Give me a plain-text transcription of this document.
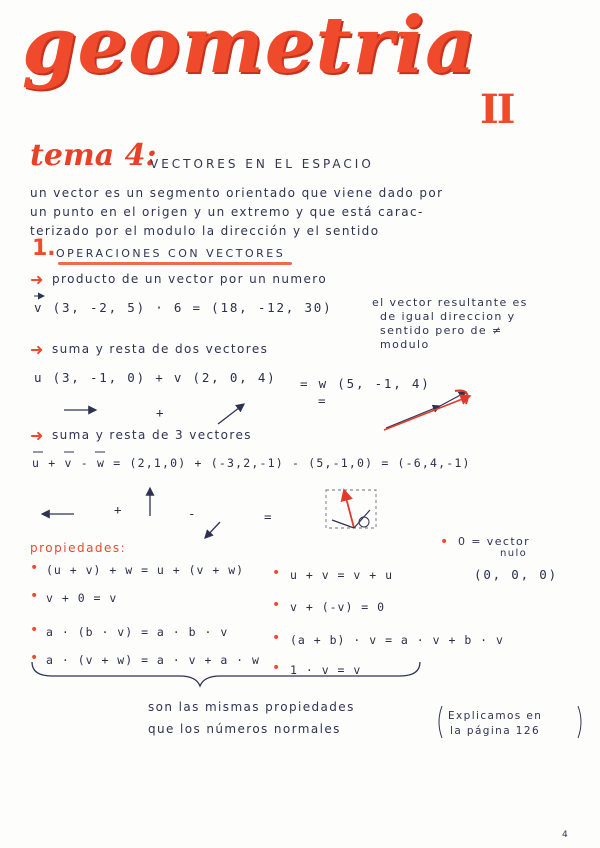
geometria
II
tema 4:
VECTORES EN EL ESPACIO
un vector es un segmento orientado que viene dado por
un punto en el origen y un extremo y que está carac-
terizado por el modulo la dirección y el sentido
1. OPERACIONES CON VECTORES
➜ producto de un vector por un numero
v (3, -2, 5) · 6 = (18, -12, 30)	el vector resultante es
de igual direccion y
sentido pero de ≠
modulo
➜ suma y resta de dos vectores
u (3, -1, 0) + v (2, 0, 4) = w (5, -1, 4)
+
=
➜ suma y resta de 3 vectores
u + v - w = (2,1,0) + (-3,2,-1) - (5,-1,0) = (-6,4,-1)
+	-	=
propiedades:
• (u + v) + w = u + (v + w)
• v + 0 = v
• a · (b · v) = a · b · v
• a · (v + w) = a · v + a · w
• u + v = v + u
• v + (-v) = 0
• (a + b) · v = a · v + b · v
• 1 · v = v
• 0 = vector
nulo
(0, 0, 0)
son las mismas propiedades
que los números normales
Explicamos en
la página 126
4
